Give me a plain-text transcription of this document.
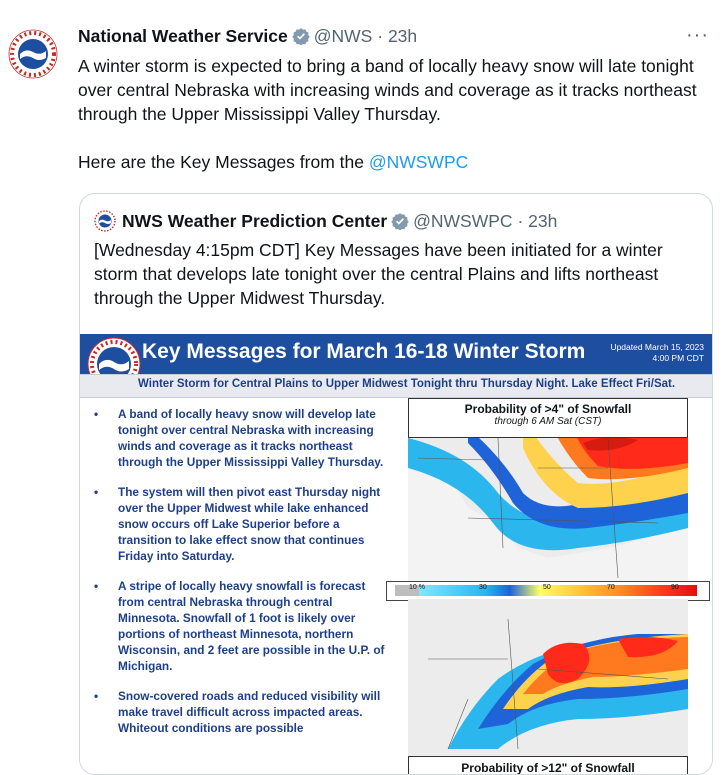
National Weather Service @NWS · 23h	···

A winter storm is expected to bring a band of locally heavy snow will late tonight over central Nebraska with increasing winds and coverage as it tracks northeast through the Upper Mississippi Valley Thursday.

Here are the Key Messages from the @NWSWPC

NWS Weather Prediction Center @NWSWPC · 23h
[Wednesday 4:15pm CDT] Key Messages have been initiated for a winter storm that develops late tonight over the central Plains and lifts northeast through the Upper Midwest Thursday.
Key Messages for March 16-18 Winter Storm	Updated March 15, 2023
4:00 PM CDT
Winter Storm for Central Plains to Upper Midwest Tonight thru Thursday Night. Lake Effect Fri/Sat.
• A band of locally heavy snow will develop late tonight over central Nebraska with increasing winds and coverage as it tracks northeast through the Upper Mississippi Valley Thursday.
• The system will then pivot east Thursday night over the Upper Midwest while lake enhanced snow occurs off Lake Superior before a transition to lake effect snow that continues Friday into Saturday.
• A stripe of locally heavy snowfall is forecast from central Nebraska through central Minnesota. Snowfall of 1 foot is likely over portions of northeast Minnesota, northern Wisconsin, and 2 feet are possible in the U.P. of Michigan.
• Snow-covered roads and reduced visibility will make travel difficult across impacted areas. Whiteout conditions are possible
Probability of >4" of Snowfall
through 6 AM Sat (CST)
10 %	30	50	70	90
Probability of >12" of Snowfall
